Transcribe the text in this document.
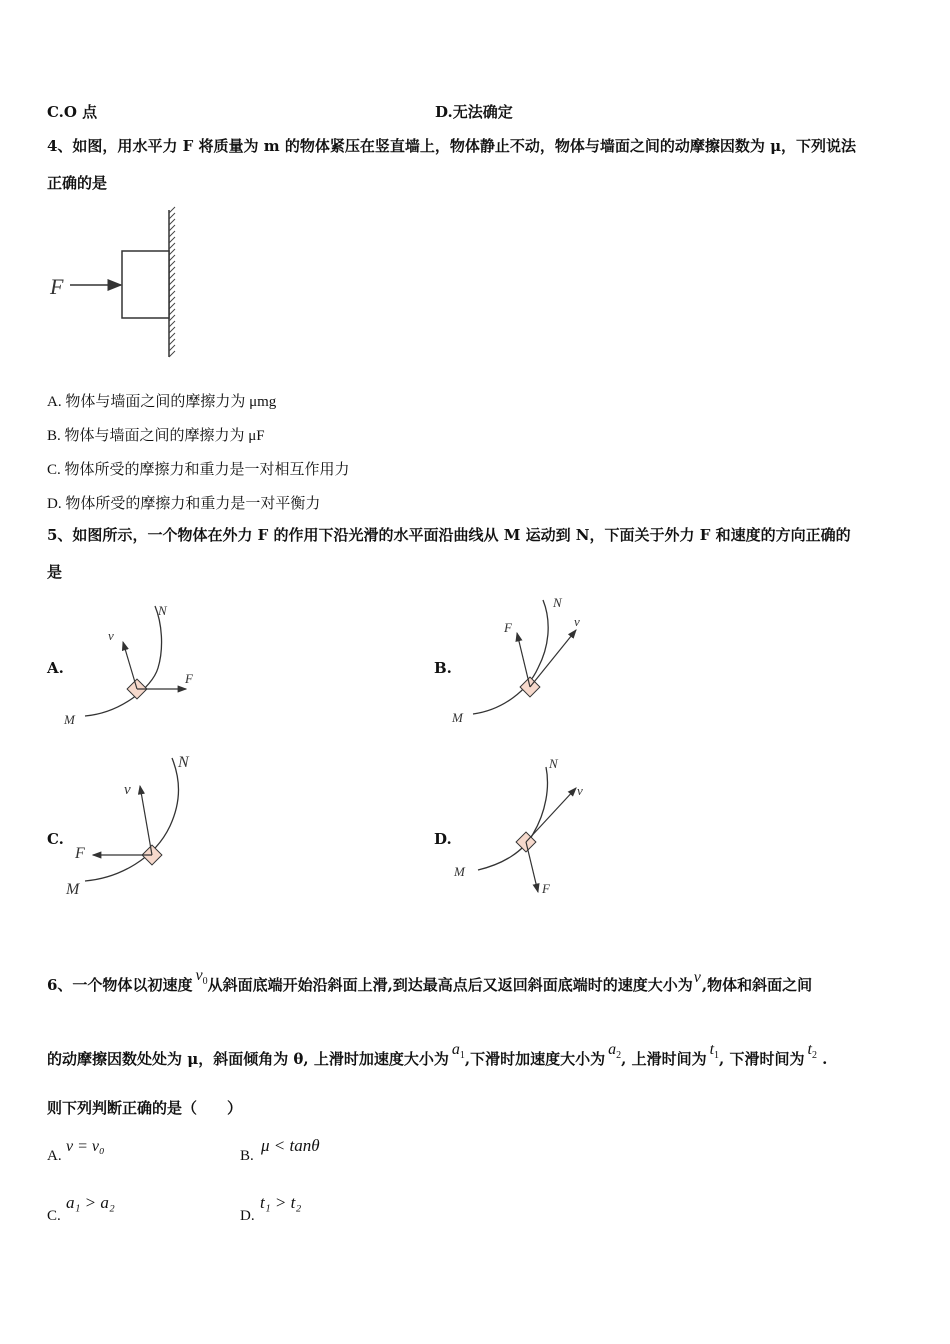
C.O 点	D.无法确定
4、如图，用水平力 F 将质量为 m 的物体紧压在竖直墙上，物体静止不动，物体与墙面之间的动摩擦因数为 μ，下列说法
正确的是
F
A. 物体与墙面之间的摩擦力为 μmg
B. 物体与墙面之间的摩擦力为 μF
C. 物体所受的摩擦力和重力是一对相互作用力
D. 物体所受的摩擦力和重力是一对平衡力
5、如图所示，一个物体在外力 F 的作用下沿光滑的水平面沿曲线从 M 运动到 N，下面关于外力 F 和速度的方向正确的
是
A.	B.
C.	D.
v
F
N
M
F	v
N
M
v
F
N
M
v
F
N
M
6、一个物体以初速度$v^0$从斜面底端开始沿斜面上滑,到达最高点后又返回斜面底端时的速度大小为v,物体和斜面之间
的动摩擦因数处处为 μ，斜面倾角为 θ, 上滑时加速度大小为$a^1$,下滑时加速度大小为$a^2$, 上滑时间为$t^1$, 下滑时间为$t^2$ .
则下列判断正确的是（　　）
A.
v = v₀
B.
μ < tanθ
C.
a₁ > a₂
D.
t₁ > t₂
